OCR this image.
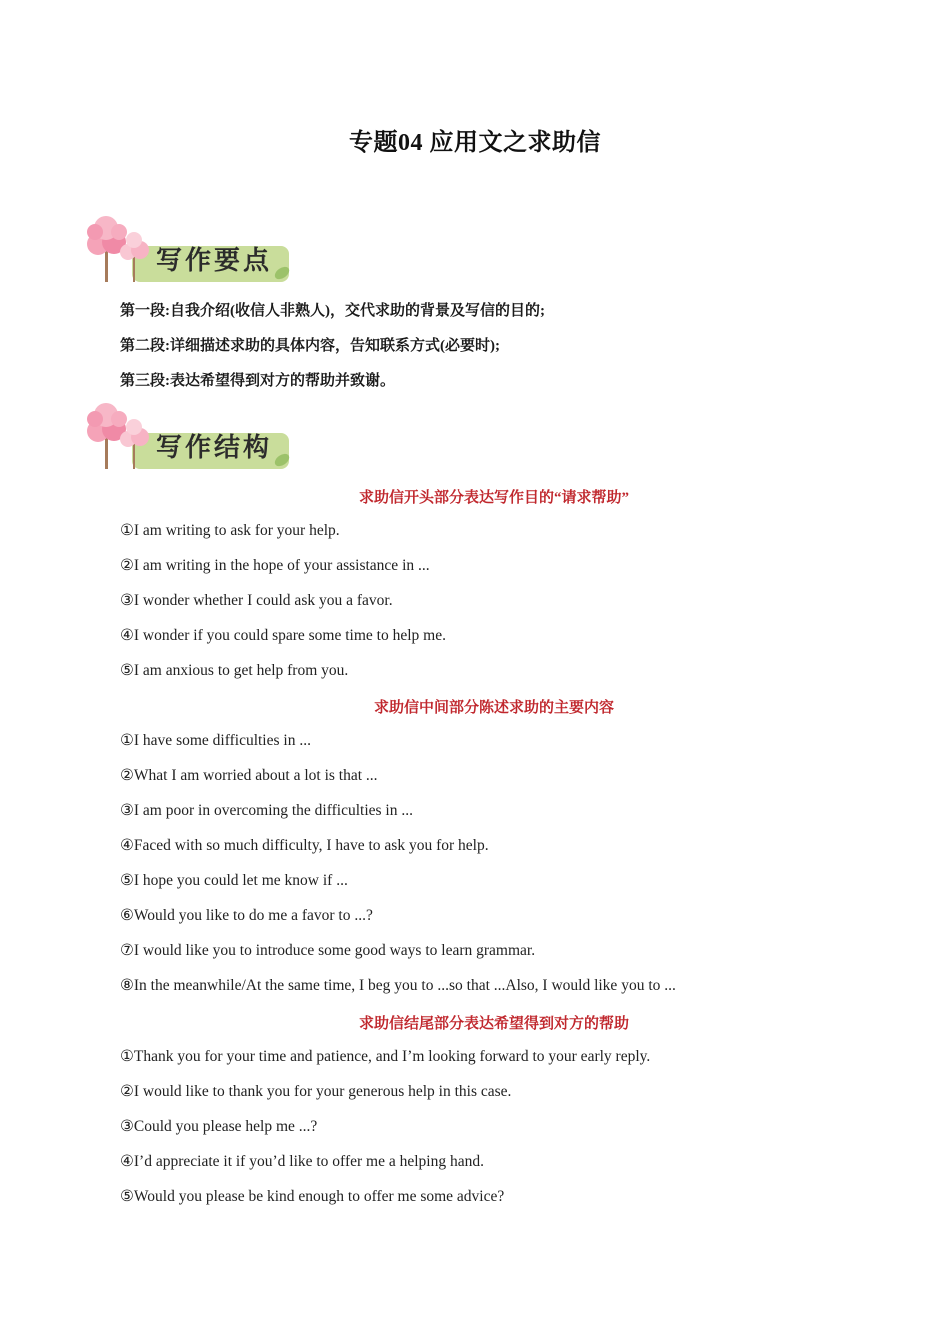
专题04 应用文之求助信
写作要点
第一段:自我介绍(收信人非熟人)，交代求助的背景及写信的目的;
第二段:详细描述求助的具体内容，告知联系方式(必要时);
第三段:表达希望得到对方的帮助并致谢。
写作结构
求助信开头部分表达写作目的“请求帮助”
①I am writing to ask for your help.
②I am writing in the hope of your assistance in ...
③I wonder whether I could ask you a favor.
④I wonder if you could spare some time to help me.
⑤I am anxious to get help from you.
求助信中间部分陈述求助的主要内容
①I have some difficulties in ...
②What I am worried about a lot is that ...
③I am poor in overcoming the difficulties in ...
④Faced with so much difficulty, I have to ask you for help.
⑤I hope you could let me know if ...
⑥Would you like to do me a favor to ...?
⑦I would like you to introduce some good ways to learn grammar.
⑧In the meanwhile/At the same time, I beg you to ...so that ...Also, I would like you to ...
求助信结尾部分表达希望得到对方的帮助
①Thank you for your time and patience, and I’m looking forward to your early reply.
②I would like to thank you for your generous help in this case.
③Could you please help me ...?
④I’d appreciate it if you’d like to offer me a helping hand.
⑤Would you please be kind enough to offer me some advice?
